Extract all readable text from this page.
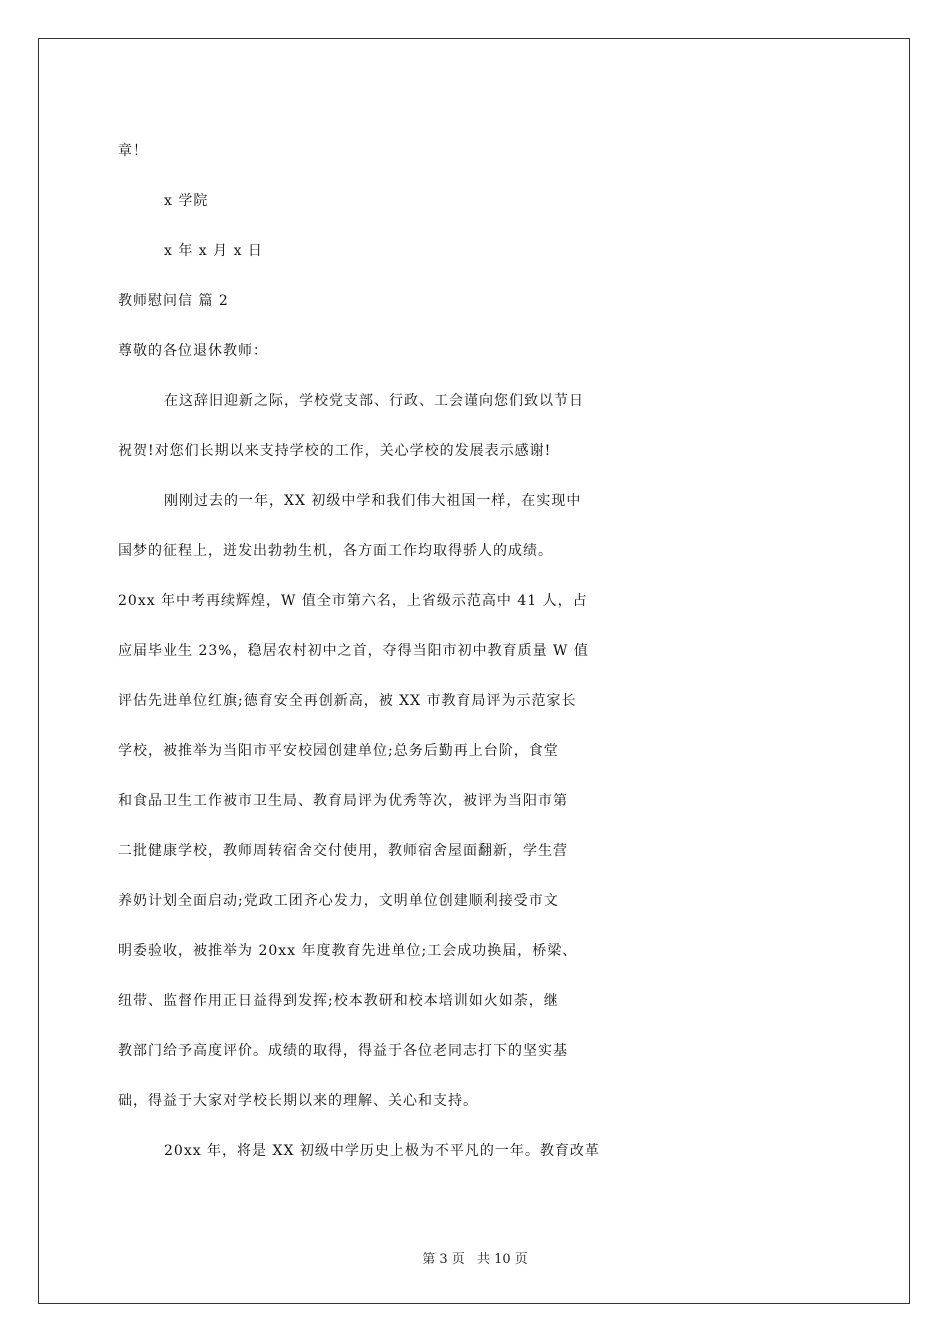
章！
x 学院
x 年 x 月 x 日
教师慰问信 篇 2
尊敬的各位退休教师：
在这辞旧迎新之际，学校党支部、行政、工会谨向您们致以节日
祝贺!对您们长期以来支持学校的工作，关心学校的发展表示感谢!
刚刚过去的一年，XX 初级中学和我们伟大祖国一样，在实现中
国梦的征程上，迸发出勃勃生机，各方面工作均取得骄人的成绩。
20xx 年中考再续辉煌，W 值全市第六名，上省级示范高中 41 人，占
应届毕业生 23%，稳居农村初中之首，夺得当阳市初中教育质量 W 值
评估先进单位红旗;德育安全再创新高，被 XX 市教育局评为示范家长
学校，被推举为当阳市平安校园创建单位;总务后勤再上台阶，食堂
和食品卫生工作被市卫生局、教育局评为优秀等次，被评为当阳市第
二批健康学校，教师周转宿舍交付使用，教师宿舍屋面翻新，学生营
养奶计划全面启动;党政工团齐心发力，文明单位创建顺利接受市文
明委验收，被推举为 20xx 年度教育先进单位;工会成功换届，桥梁、
纽带、监督作用正日益得到发挥;校本教研和校本培训如火如荼，继
教部门给予高度评价。成绩的取得，得益于各位老同志打下的坚实基
础，得益于大家对学校长期以来的理解、关心和支持。
20xx 年，将是 XX 初级中学历史上极为不平凡的一年。教育改革
第 3 页 共 10 页
